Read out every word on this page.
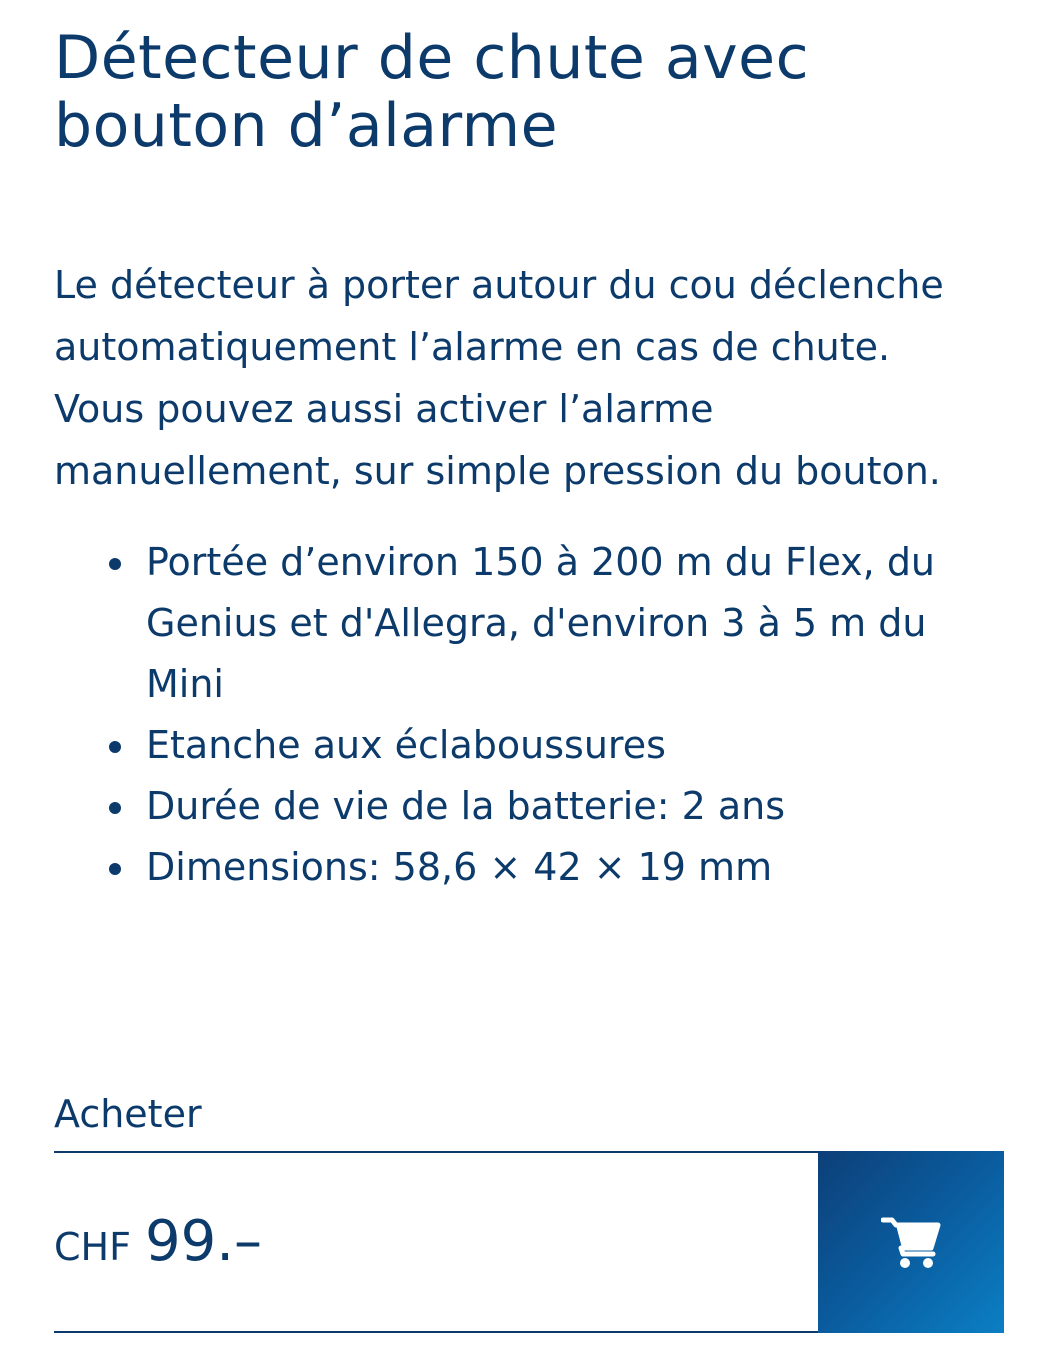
Détecteur de chute avec bouton d’alarme

Le détecteur à porter autour du cou déclenche automatiquement l’alarme en cas de chute. Vous pouvez aussi activer l’alarme manuellement, sur simple pression du bouton.

Portée d’environ 150 à 200 m du Flex, du Genius et d'Allegra, d'environ 3 à 5 m du Mini
Etanche aux éclaboussures
Durée de vie de la batterie: 2 ans
Dimensions: 58,6 × 42 × 19 mm
Acheter
CHF 99.–
